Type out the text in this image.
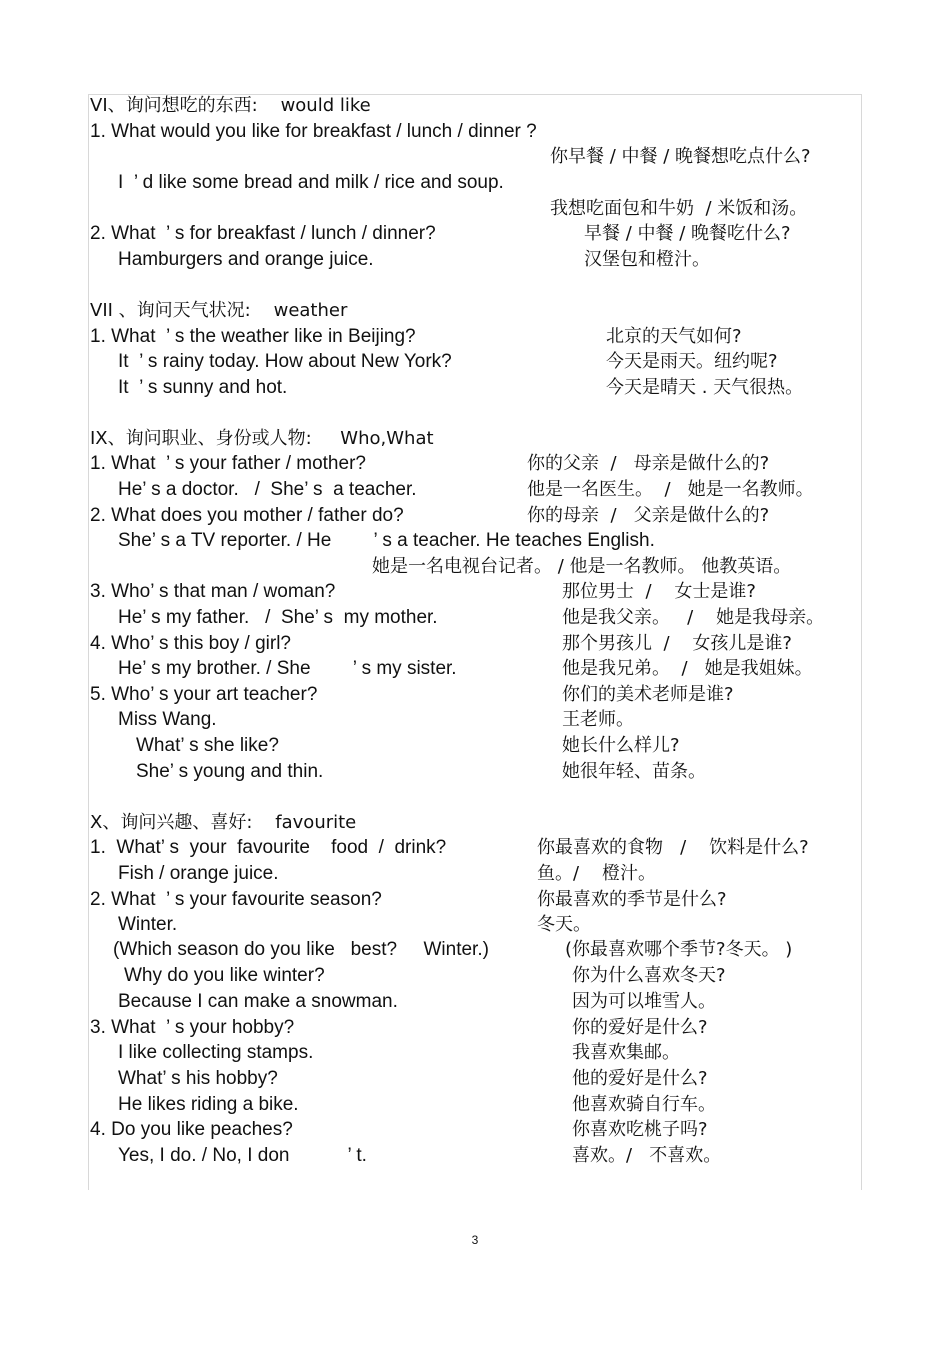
VI、询问想吃的东西:    would like
1. What would you like for breakfast / lunch / dinner ?
你早餐 / 中餐 / 晚餐想吃点什么?
I  ’ d like some bread and milk / rice and soup.
我想吃面包和牛奶  / 米饭和汤。
2. What  ’ s for breakfast / lunch / dinner?	早餐 / 中餐 / 晚餐吃什么?
Hamburgers and orange juice.	汉堡包和橙汁。
VII 、询问天气状况:    weather
1. What  ’ s the weather like in Beijing?	北京的天气如何?
It  ’ s rainy today. How about New York?	今天是雨天。纽约呢?
It  ’ s sunny and hot.	今天是晴天 . 天气很热。
IX、询问职业、身份或人物:     Who,What
1. What  ’ s your father / mother?	你的父亲  /   母亲是做什么的?
He’ s a doctor.   /  She’ s  a teacher.	他是一名医生。  /   她是一名教师。
2. What does you mother / father do?	你的母亲  /   父亲是做什么的?
She’ s a TV reporter. / He        ’ s a teacher. He teaches English.
她是一名电视台记者。 / 他是一名教师。 他教英语。
3. Who’ s that man / woman?	那位男士  /    女士是谁?
He’ s my father.   /  She’ s  my mother.	他是我父亲。   /    她是我母亲。
4. Who’ s this boy / girl?	那个男孩儿  /    女孩儿是谁?
He’ s my brother. / She        ’ s my sister.	他是我兄弟。  /   她是我姐妹。
5. Who’ s your art teacher?	你们的美术老师是谁?
Miss Wang.	王老师。
What’ s she like?	她长什么样儿?
She’ s young and thin.	她很年轻、苗条。
X、询问兴趣、喜好:    favourite
1.  What’ s  your  favourite    food  /  drink?	你最喜欢的食物   /    饮料是什么?
Fish / orange juice.	鱼。/    橙汁。
2. What  ’ s your favourite season?	你最喜欢的季节是什么?
Winter.	冬天。
(Which season do you like   best?     Winter.)	(你最喜欢哪个季节?冬天。 )
Why do you like winter?	你为什么喜欢冬天?
Because I can make a snowman.	因为可以堆雪人。
3. What  ’ s your hobby?	你的爱好是什么?
I like collecting stamps.	我喜欢集邮。
What’ s his hobby?	他的爱好是什么?
He likes riding a bike.	他喜欢骑自行车。
4. Do you like peaches?	你喜欢吃桃子吗?
Yes, I do. / No, I don           ’ t.	喜欢。/   不喜欢。
3
